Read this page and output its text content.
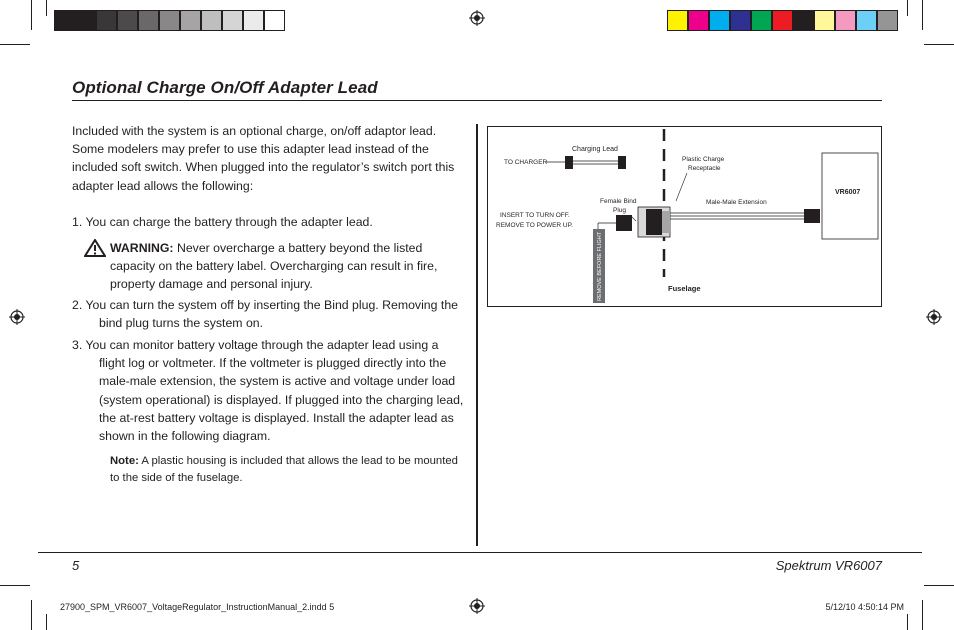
Optional Charge On/Off Adapter Lead

Included with the system is an optional charge, on/off adaptor lead. Some modelers may prefer to use this adapter lead instead of the included soft switch. When plugged into the regulator’s switch port this adapter lead allows the following:

1. You can charge the battery through the adapter lead.

WARNING: Never overcharge a battery beyond the listed capacity on the battery label. Overcharging can result in fire, property damage and personal injury.

2. You can turn the system off by inserting the Bind plug. Removing the bind plug turns the system on.

3. You can monitor battery voltage through the adapter lead using a flight log or voltmeter. If the voltmeter is plugged directly into the male-male extension, the system is active and voltage under load (system operational) is displayed. If plugged into the charging lead, the at-rest battery voltage is displayed. Install the adapter lead as shown in the following diagram.

Note: A plastic housing is included that allows the lead to be mounted to the side of the fuselage.

Charging Lead
TO CHARGER	Plastic Charge
Receptacle
Female Bind
Plug
INSERT TO TURN OFF.
REMOVE TO POWER UP.
REMOVE BEFORE FLIGHT
Male-Male Extension
VR6007
Fuselage
5	Spektrum VR6007
27900_SPM_VR6007_VoltageRegulator_InstructionManual_2.indd 5	5/12/10 4:50:14 PM
